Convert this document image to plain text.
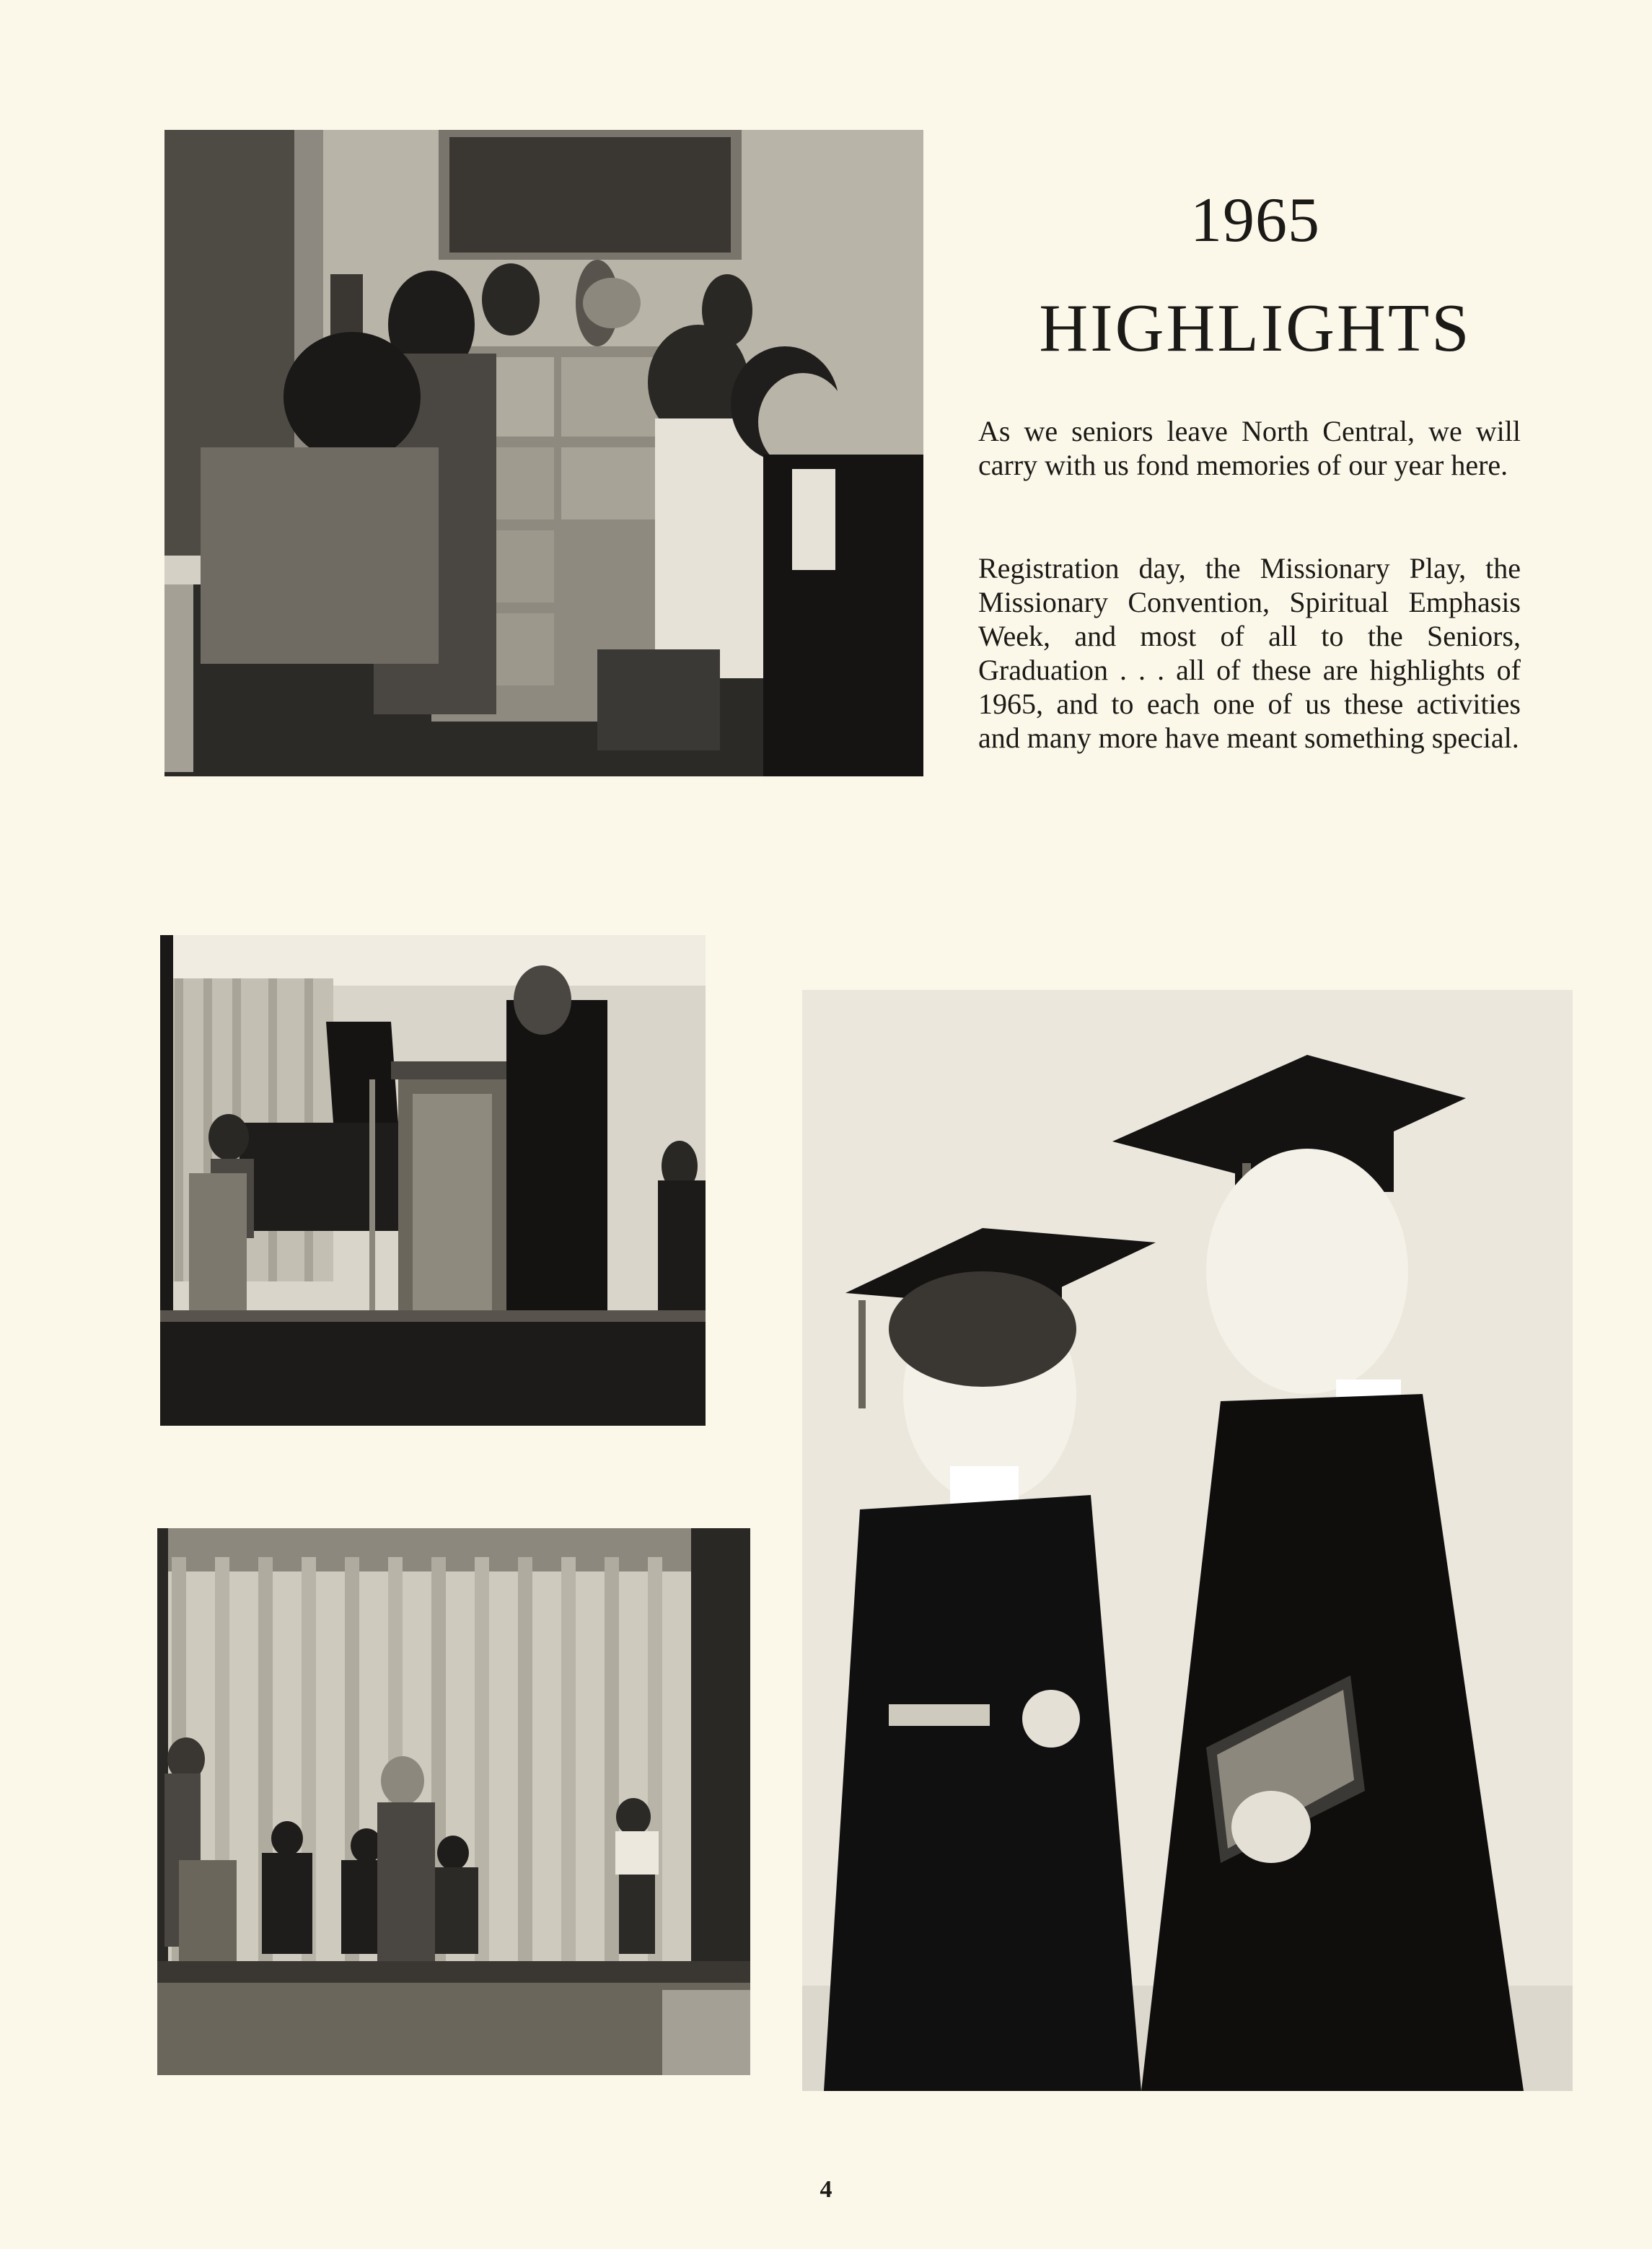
1965
HIGHLIGHTS

As we seniors leave North Central, we will carry with us fond memories of our year here.

Registration day, the Missionary Play, the Missionary Convention, Spiritual Emphasis Week, and most of all to the Seniors, Graduation . . . all of these are highlights of 1965, and to each one of us these activities and many more have meant something special.

4
